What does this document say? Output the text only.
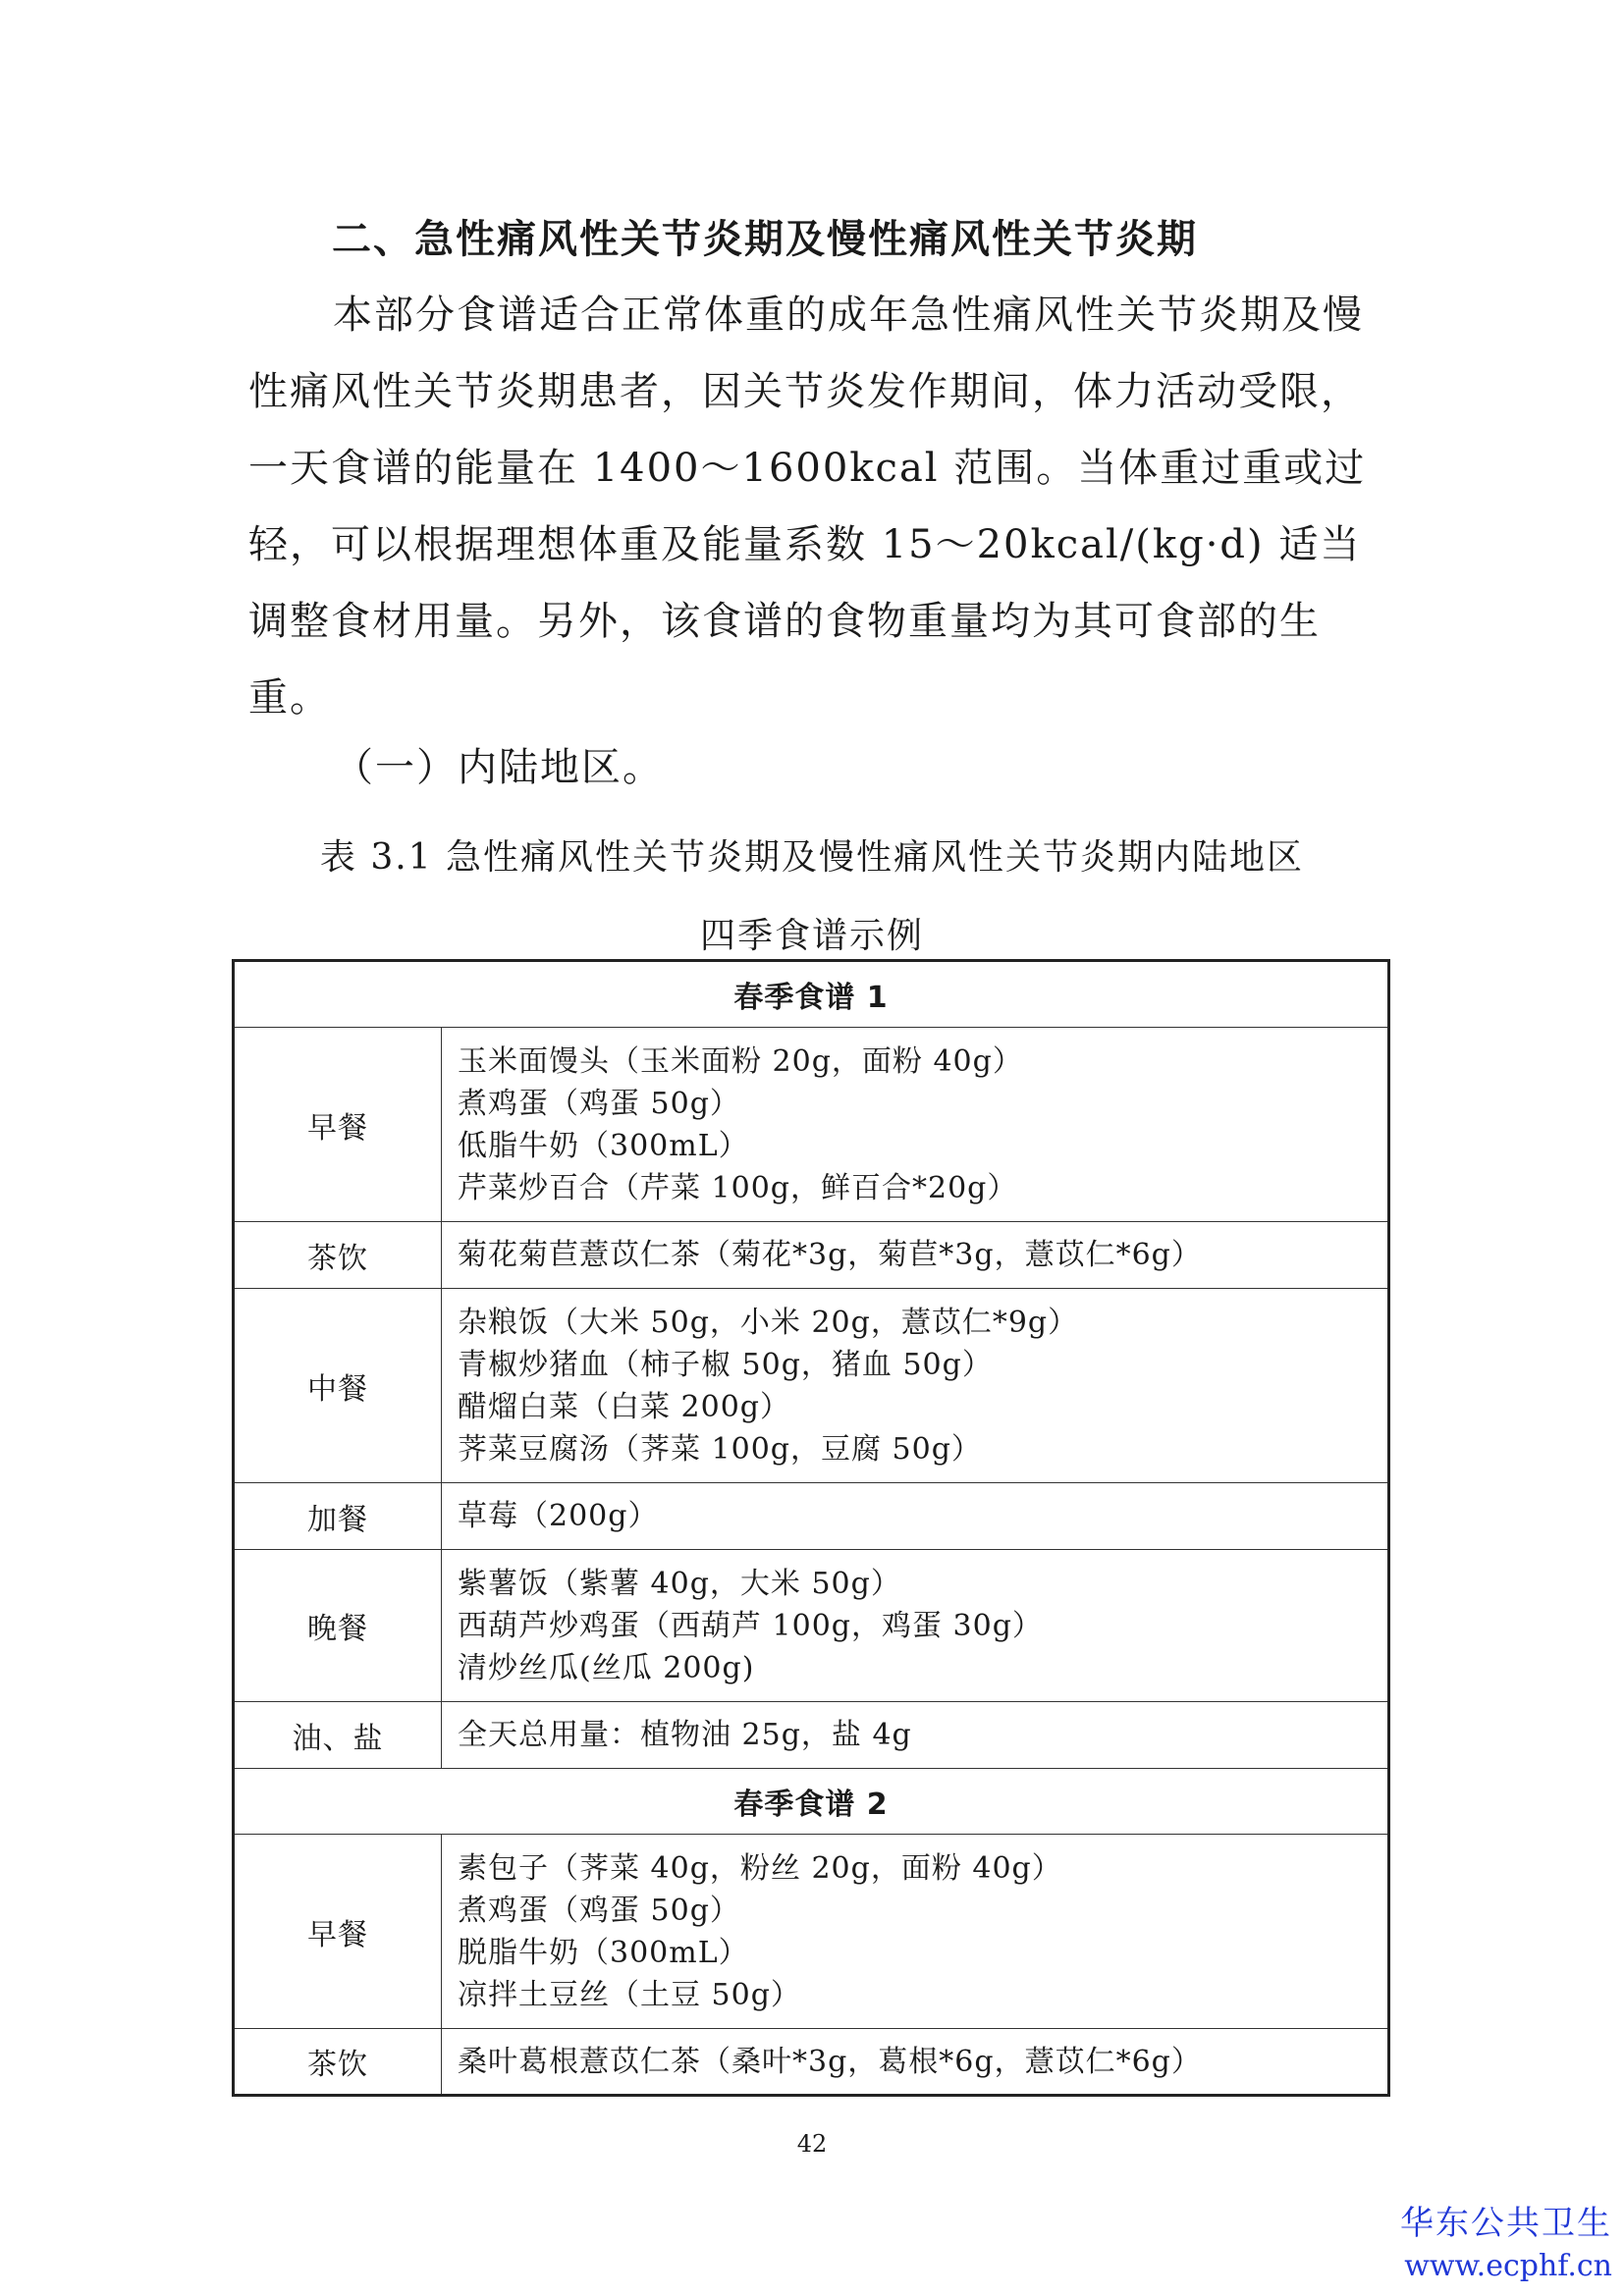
二、急性痛风性关节炎期及慢性痛风性关节炎期

本部分食谱适合正常体重的成年急性痛风性关节炎期及慢性痛风性关节炎期患者，因关节炎发作期间，体力活动受限，一天食谱的能量在 1400～1600kcal 范围。当体重过重或过轻，可以根据理想体重及能量系数 15～20kcal/(kg·d) 适当调整食材用量。另外，该食谱的食物重量均为其可食部的生重。

（一）内陆地区。

表 3.1 急性痛风性关节炎期及慢性痛风性关节炎期内陆地区

四季食谱示例

春季食谱 1	
早餐	玉米面馒头（玉米面粉 20g，面粉 40g）
煮鸡蛋（鸡蛋 50g）
低脂牛奶（300mL）
芹菜炒百合（芹菜 100g，鲜百合*20g）

茶饮	菊花菊苣薏苡仁茶（菊花*3g，菊苣*3g，薏苡仁*6g）

中餐	杂粮饭（大米 50g，小米 20g，薏苡仁*9g）
青椒炒猪血（柿子椒 50g，猪血 50g）
醋熘白菜（白菜 200g）
荠菜豆腐汤（荠菜 100g，豆腐 50g）

加餐	草莓（200g）

晚餐	紫薯饭（紫薯 40g，大米 50g）
西葫芦炒鸡蛋（西葫芦 100g，鸡蛋 30g）
清炒丝瓜(丝瓜 200g)

油、盐	全天总用量：植物油 25g，盐 4g

春季食谱 2	
早餐	素包子（荠菜 40g，粉丝 20g，面粉 40g）
煮鸡蛋（鸡蛋 50g）
脱脂牛奶（300mL）
凉拌土豆丝（土豆 50g）

茶饮	桑叶葛根薏苡仁茶（桑叶*3g，葛根*6g，薏苡仁*6g）

42

华东公共卫生
www.ecphf.cn
